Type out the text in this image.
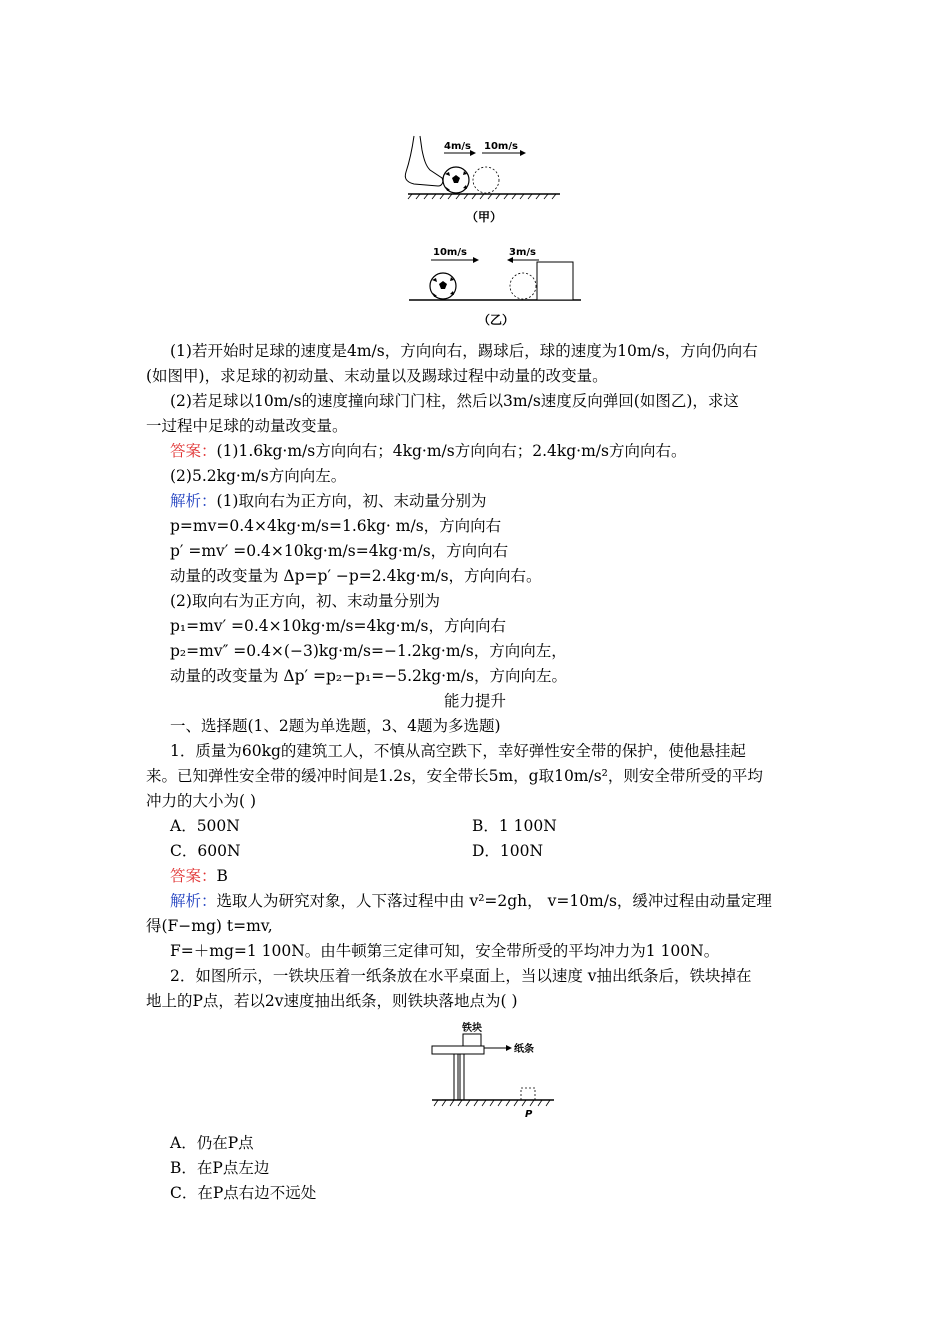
4m/s 10m/s
（甲）
10m/s	3m/s
（乙）
(1)若开始时足球的速度是4m/s，方向向右，踢球后，球的速度为10m/s，方向仍向右
(如图甲)，求足球的初动量、末动量以及踢球过程中动量的改变量。
(2)若足球以10m/s的速度撞向球门门柱，然后以3m/s速度反向弹回(如图乙)，求这
一过程中足球的动量改变量。
答案：(1)1.6kg·m/s方向向右；4kg·m/s方向向右；2.4kg·m/s方向向右。
(2)5.2kg·m/s方向向左。
解析：(1)取向右为正方向，初、末动量分别为
p=mv=0.4×4kg·m/s=1.6kg· m/s，方向向右
p′ =mv′ =0.4×10kg·m/s=4kg·m/s，方向向右
动量的改变量为 Δp=p′ −p=2.4kg·m/s，方向向右。
(2)取向右为正方向，初、末动量分别为
p₁=mv′ =0.4×10kg·m/s=4kg·m/s，方向向右
p₂=mv″ =0.4×(−3)kg·m/s=−1.2kg·m/s，方向向左，
动量的改变量为 Δp′ =p₂−p₁=−5.2kg·m/s，方向向左。
能力提升
一、选择题(1、2题为单选题，3、4题为多选题)
1．质量为60kg的建筑工人，不慎从高空跌下，幸好弹性安全带的保护，使他悬挂起
来。已知弹性安全带的缓冲时间是1.2s，安全带长5m，g取10m/s²，则安全带所受的平均
冲力的大小为( )
A．500N	B．1 100N
C．600N	D．100N
答案：B
解析：选取人为研究对象，人下落过程中由 v²=2gh， v=10m/s，缓冲过程由动量定理
得(F−mg) t=mv,
F=＋mg=1 100N。由牛顿第三定律可知，安全带所受的平均冲力为1 100N。
2．如图所示，一铁块压着一纸条放在水平桌面上，当以速度 v抽出纸条后，铁块掉在
地上的P点，若以2v速度抽出纸条，则铁块落地点为( )
铁块
纸条
P
A．仍在P点
B．在P点左边
C．在P点右边不远处
